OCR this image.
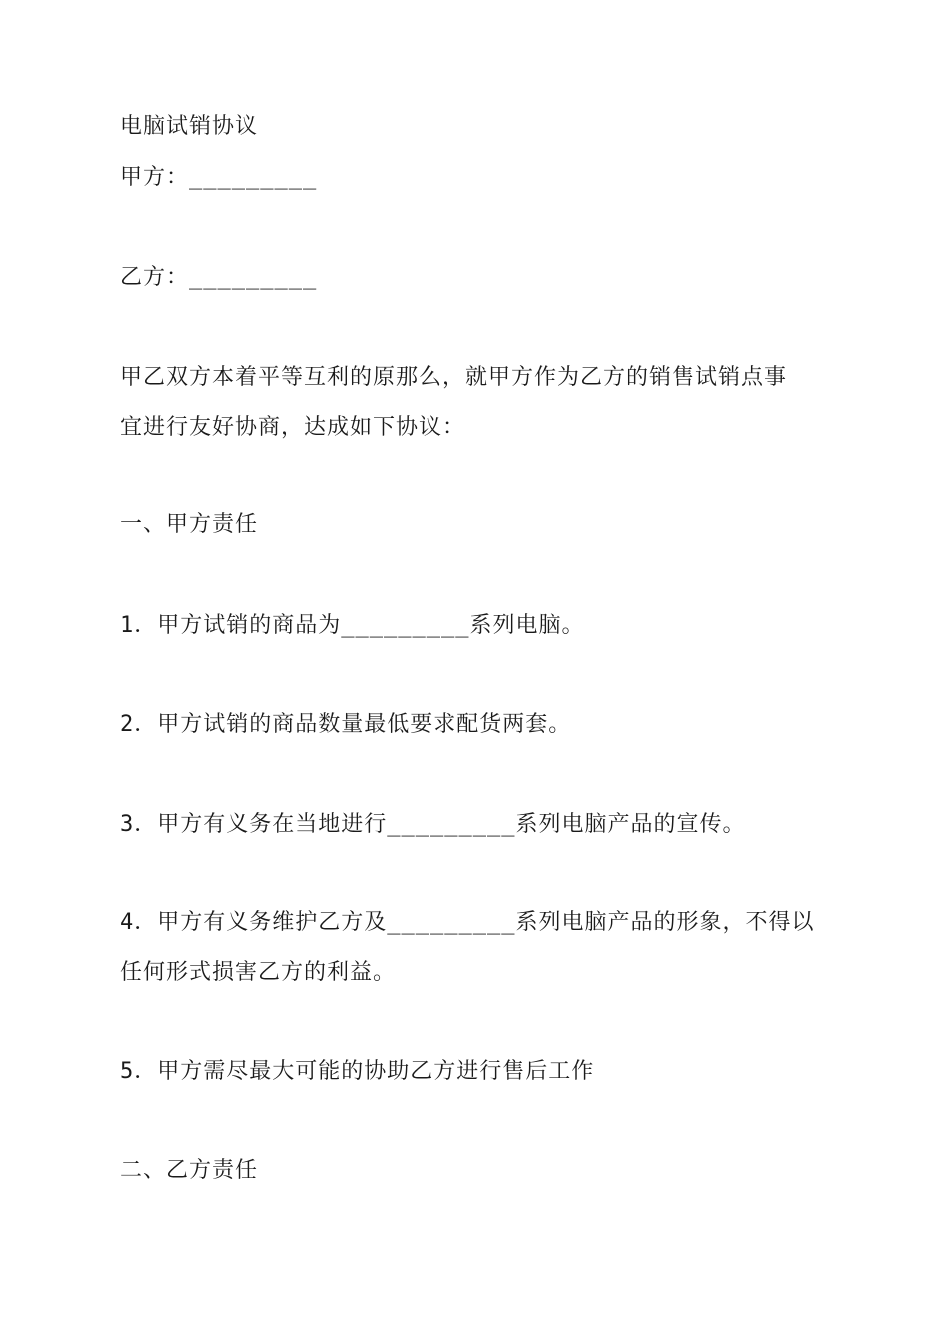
电脑试销协议
甲方：_________
乙方：_________
甲乙双方本着平等互利的原那么，就甲方作为乙方的销售试销点事
宜进行友好协商，达成如下协议：
一、甲方责任
1．甲方试销的商品为_________系列电脑。
2．甲方试销的商品数量最低要求配货两套。
3．甲方有义务在当地进行_________系列电脑产品的宣传。
4．甲方有义务维护乙方及_________系列电脑产品的形象，不得以
任何形式损害乙方的利益。
5．甲方需尽最大可能的协助乙方进行售后工作
二、乙方责任
